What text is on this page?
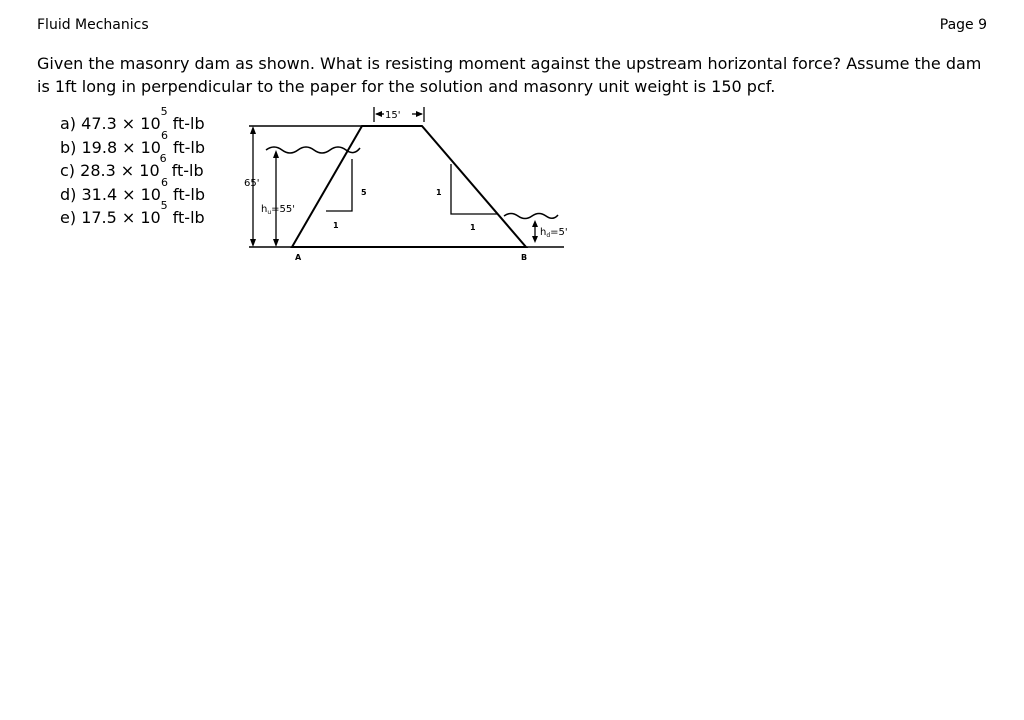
Fluid Mechanics	Page 9
Given the masonry dam as shown. What is resisting moment against the upstream horizontal force? Assume the dam is 1ft long in perpendicular to the paper for the solution and masonry unit weight is 150 pcf.
a)
47.3 ×
10
5
ft-lb
b)
19.8 ×
10
6
ft-lb
c)
28.3 ×
10
6
ft-lb
d)
31.4 ×
10
6
ft-lb
e)
17.5 ×
10
5
ft-lb
65'
$h_u=55'$
5
1
1
1
15'
$h_d=5'$
A	B
